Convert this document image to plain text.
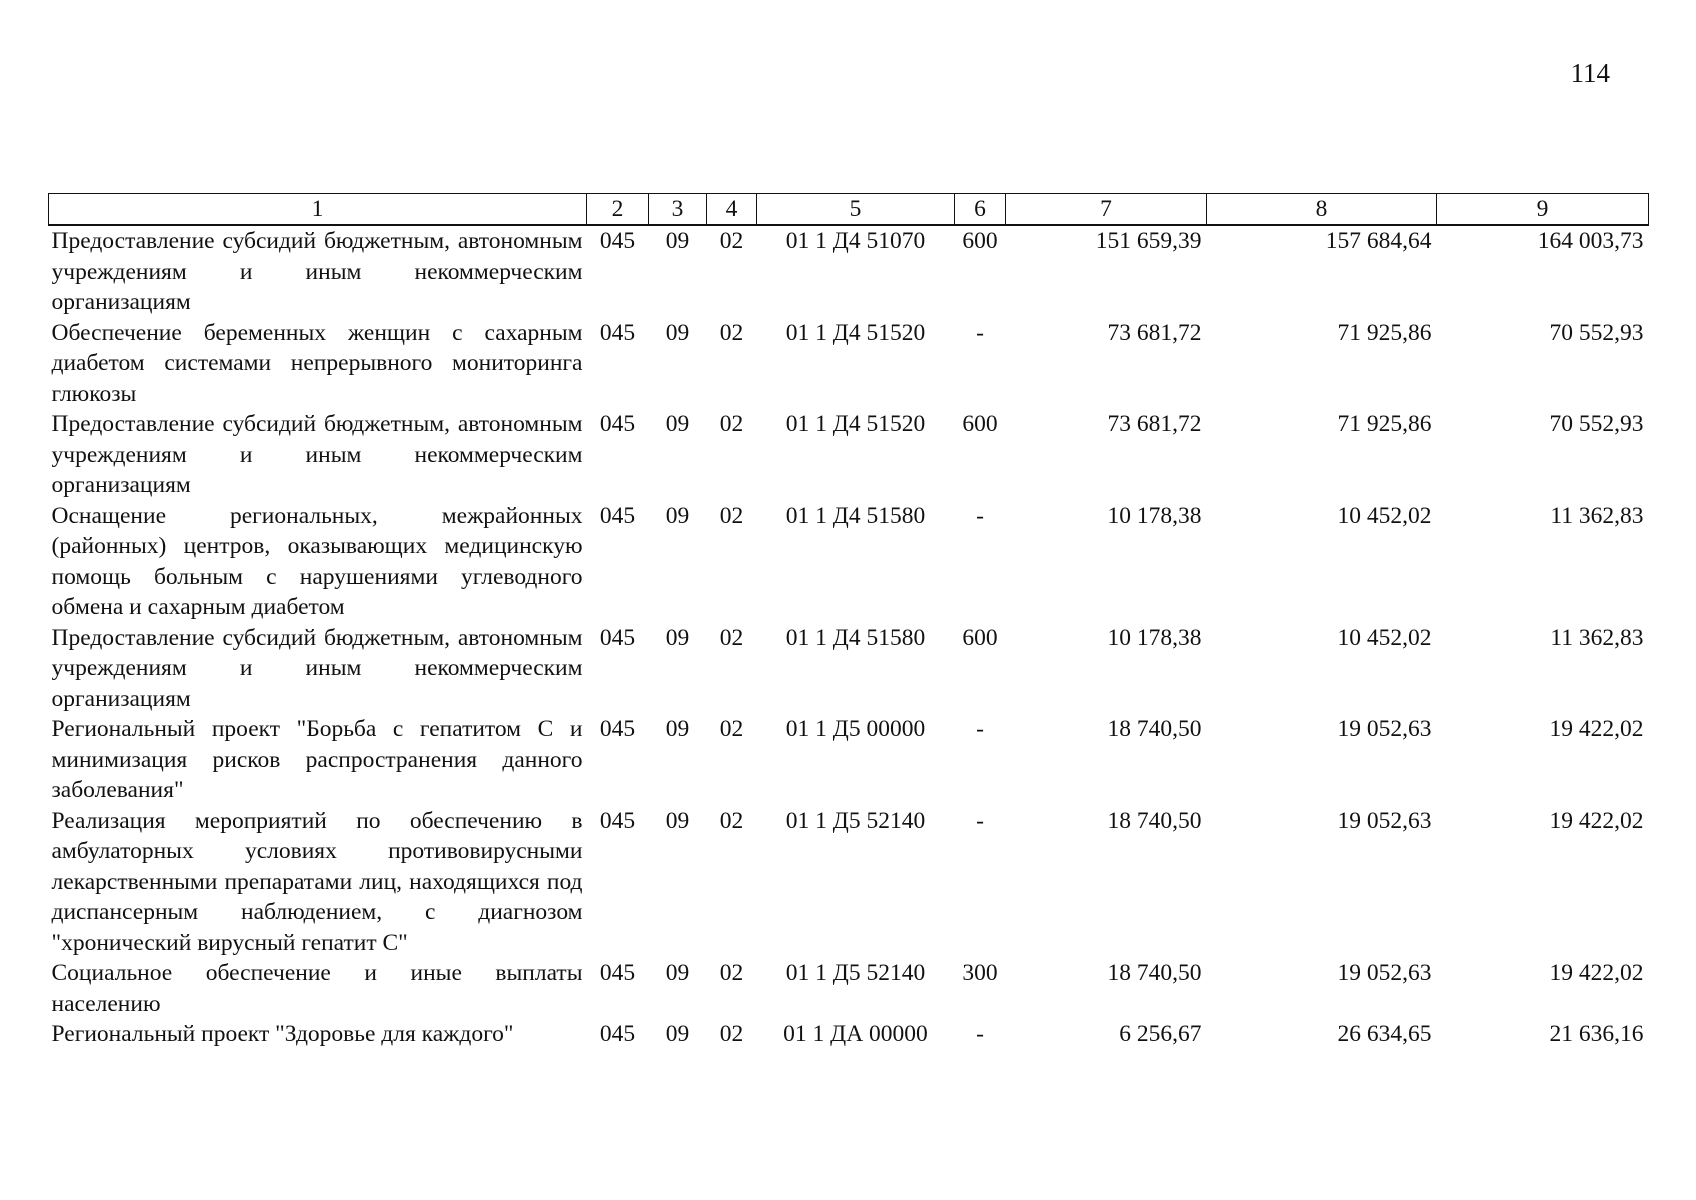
114
1	2	3	4	5	6	7	8	9
Предоставление субсидий бюджетным, автономным учреждениям и иным некоммерческим организациям	045	09	02	01 1 Д4 51070	600	151 659,39	157 684,64	164 003,73
Обеспечение беременных женщин с сахарным диабетом системами непрерывного мониторинга глюкозы	045	09	02	01 1 Д4 51520	-	73 681,72	71 925,86	70 552,93
Предоставление субсидий бюджетным, автономным учреждениям и иным некоммерческим организациям	045	09	02	01 1 Д4 51520	600	73 681,72	71 925,86	70 552,93
Оснащение региональных, межрайонных (районных) центров, оказывающих медицинскую помощь больным с нарушениями углеводного обмена и сахарным диабетом	045	09	02	01 1 Д4 51580	-	10 178,38	10 452,02	11 362,83
Предоставление субсидий бюджетным, автономным учреждениям и иным некоммерческим организациям	045	09	02	01 1 Д4 51580	600	10 178,38	10 452,02	11 362,83
Региональный проект "Борьба с гепатитом С и минимизация рисков распространения данного заболевания"	045	09	02	01 1 Д5 00000	-	18 740,50	19 052,63	19 422,02
Реализация мероприятий по обеспечению в амбулаторных условиях противовирусными лекарственными препаратами лиц, находящихся под диспансерным наблюдением, с диагнозом "хронический вирусный гепатит С"	045	09	02	01 1 Д5 52140	-	18 740,50	19 052,63	19 422,02
Социальное обеспечение и иные выплаты населению	045	09	02	01 1 Д5 52140	300	18 740,50	19 052,63	19 422,02
Региональный проект "Здоровье для каждого"	045	09	02	01 1 ДА 00000	-	6 256,67	26 634,65	21 636,16
